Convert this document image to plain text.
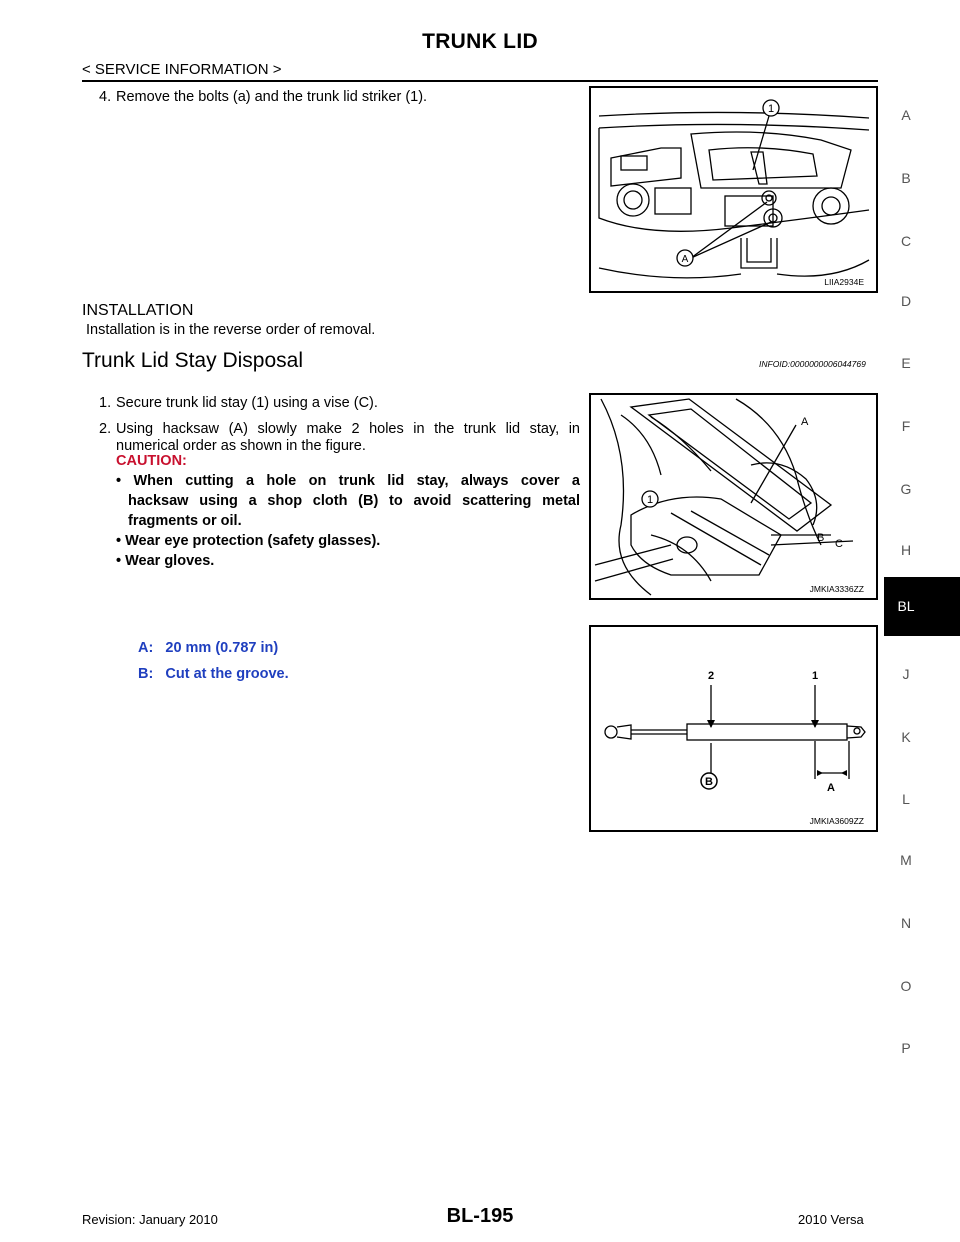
TRUNK LID
< SERVICE INFORMATION >
4. Remove the bolts (a) and the trunk lid striker (1).
1
A
LIIA2934E
INSTALLATION
Installation is in the reverse order of removal.
Trunk Lid Stay Disposal	INFOID:0000000006044769
1. Secure trunk lid stay (1) using a vise (C).
2. Using hacksaw (A) slowly make 2 holes in the trunk lid stay, in
numerical order as shown in the figure.
CAUTION:
• When cutting a hole on trunk lid stay, always cover a
hacksaw using a shop cloth (B) to avoid scattering metal
fragments or oil.
• Wear eye protection (safety glasses).
• Wear gloves.
A
1
B C
JMKIA3336ZZ
A:   20 mm (0.787 in)
B:   Cut at the groove.	2	1
B	A
JMKIA3609ZZ
A
B
C
D
E
F
G
H
BL
J
K
L
M
N
O
P
Revision: January 2010	BL-195	2010 Versa
